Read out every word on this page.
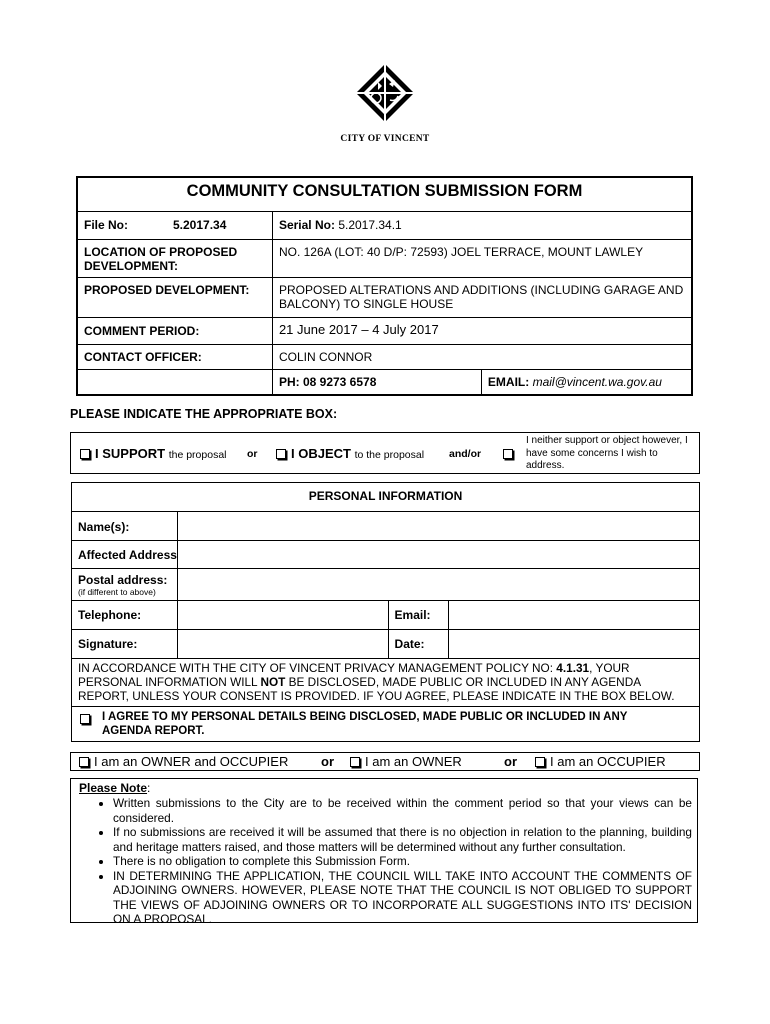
CITY OF VINCENT
COMMUNITY CONSULTATION SUBMISSION FORM		
File No: 5.2017.34	Serial No: 5.2017.34.1	
LOCATION OF PROPOSED DEVELOPMENT:	NO. 126A (LOT: 40 D/P: 72593) JOEL TERRACE, MOUNT LAWLEY	
PROPOSED DEVELOPMENT:	PROPOSED ALTERATIONS AND ADDITIONS (INCLUDING GARAGE AND BALCONY) TO SINGLE HOUSE	
COMMENT PERIOD:	21 June 2017 – 4 July 2017	
CONTACT OFFICER:	COLIN CONNOR	
	PH: 08 9273 6578	EMAIL: mail@vincent.wa.gov.au
PLEASE INDICATE THE APPROPRIATE BOX:
I SUPPORT the proposal or	I OBJECT to the proposal and/or
I neither support or object however, I have some concerns I wish to address.
PERSONAL INFORMATION			
Name(s):			
Affected Address			

Postal address:
(if different to above)			

Telephone:		Email:	
Signature:		Date:	
IN ACCORDANCE WITH THE CITY OF VINCENT PRIVACY MANAGEMENT POLICY NO: 4.1.31, YOUR PERSONAL INFORMATION WILL NOT BE DISCLOSED, MADE PUBLIC OR INCLUDED IN ANY AGENDA REPORT, UNLESS YOUR CONSENT IS PROVIDED. IF YOU AGREE, PLEASE INDICATE IN THE BOX BELOW.			

I AGREE TO MY PERSONAL DETAILS BEING DISCLOSED, MADE PUBLIC OR INCLUDED IN ANY AGENDA REPORT.			
I am an OWNER and OCCUPIER	or	I am an OWNER	or	I am an OCCUPIER
Please Note:
• Written submissions to the City are to be received within the comment period so that your views can be considered.
• If no submissions are received it will be assumed that there is no objection in relation to the planning, building and heritage matters raised, and those matters will be determined without any further consultation.
• There is no obligation to complete this Submission Form.
• IN DETERMINING THE APPLICATION, THE COUNCIL WILL TAKE INTO ACCOUNT THE COMMENTS OF ADJOINING OWNERS. HOWEVER, PLEASE NOTE THAT THE COUNCIL IS NOT OBLIGED TO SUPPORT THE VIEWS OF ADJOINING OWNERS OR TO INCORPORATE ALL SUGGESTIONS INTO ITS' DECISION ON A PROPOSAL.
